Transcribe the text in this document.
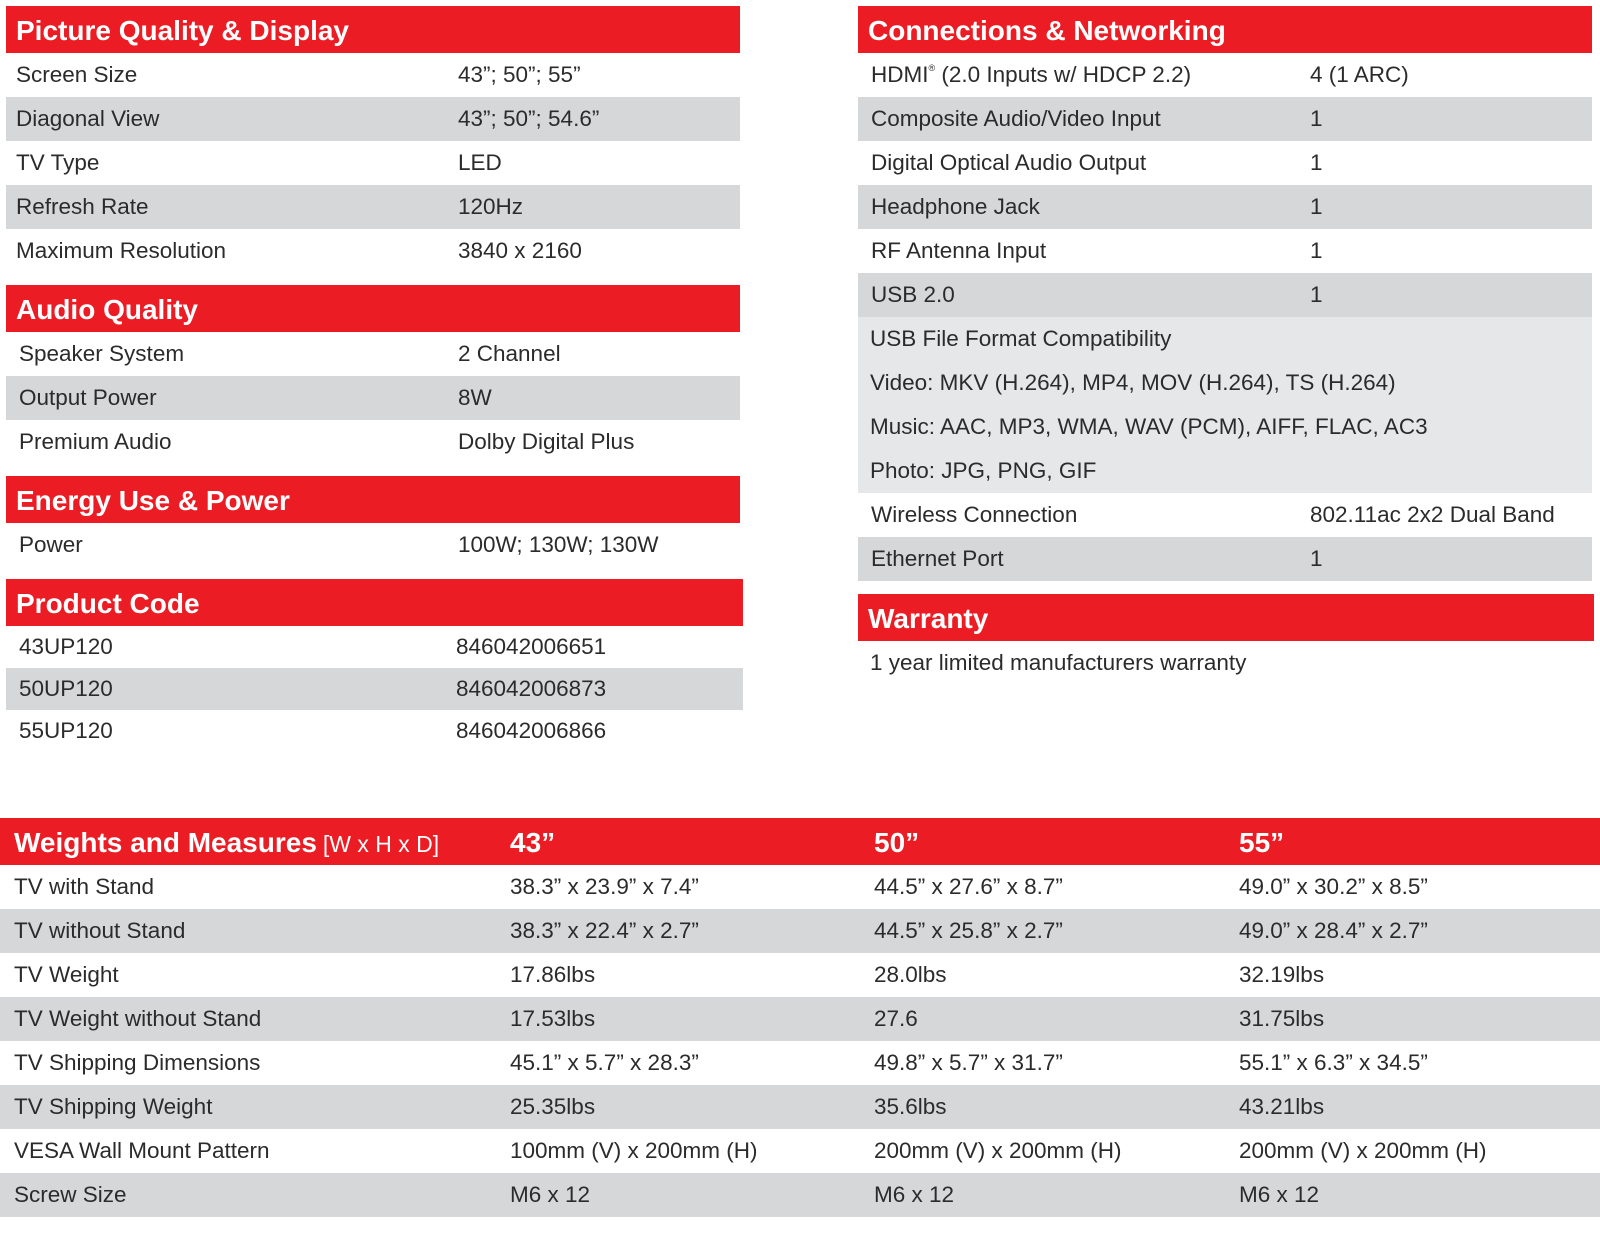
Picture Quality & Display
Screen Size	43”; 50”; 55”
Diagonal View	43”; 50”; 54.6”
TV Type	LED
Refresh Rate	120Hz
Maximum Resolution	3840 x 2160
Audio Quality
Speaker System	2 Channel
Output Power	8W
Premium Audio	Dolby Digital Plus
Energy Use & Power
Power	100W; 130W; 130W
Product Code
43UP120	846042006651
50UP120	846042006873
55UP120	846042006866
Connections & Networking
HDMI® (2.0 Inputs w/ HDCP 2.2)	4 (1 ARC)
Composite Audio/Video Input	1
Digital Optical Audio Output	1
Headphone Jack	1
RF Antenna Input	1
USB 2.0	1
USB File Format Compatibility
Video: MKV (H.264), MP4, MOV (H.264), TS (H.264)
Music: AAC, MP3, WMA, WAV (PCM), AIFF, FLAC, AC3
Photo: JPG, PNG, GIF
Wireless Connection	802.11ac 2x2 Dual Band
Ethernet Port	1
Warranty
1 year limited manufacturers warranty
Weights and Measures [W x H x D]	43”	50”	55”
TV with Stand	38.3” x 23.9” x 7.4”	44.5” x 27.6” x 8.7”	49.0” x 30.2” x 8.5”
TV without Stand	38.3” x 22.4” x 2.7”	44.5” x 25.8” x 2.7”	49.0” x 28.4” x 2.7”
TV Weight	17.86lbs	28.0lbs	32.19lbs
TV Weight without Stand	17.53lbs	27.6	31.75lbs
TV Shipping Dimensions	45.1” x 5.7” x 28.3”	49.8” x 5.7” x 31.7”	55.1” x 6.3” x 34.5”
TV Shipping Weight	25.35lbs	35.6lbs	43.21lbs
VESA Wall Mount Pattern	100mm (V) x 200mm (H)	200mm (V) x 200mm (H)	200mm (V) x 200mm (H)
Screw Size	M6 x 12	M6 x 12	M6 x 12
